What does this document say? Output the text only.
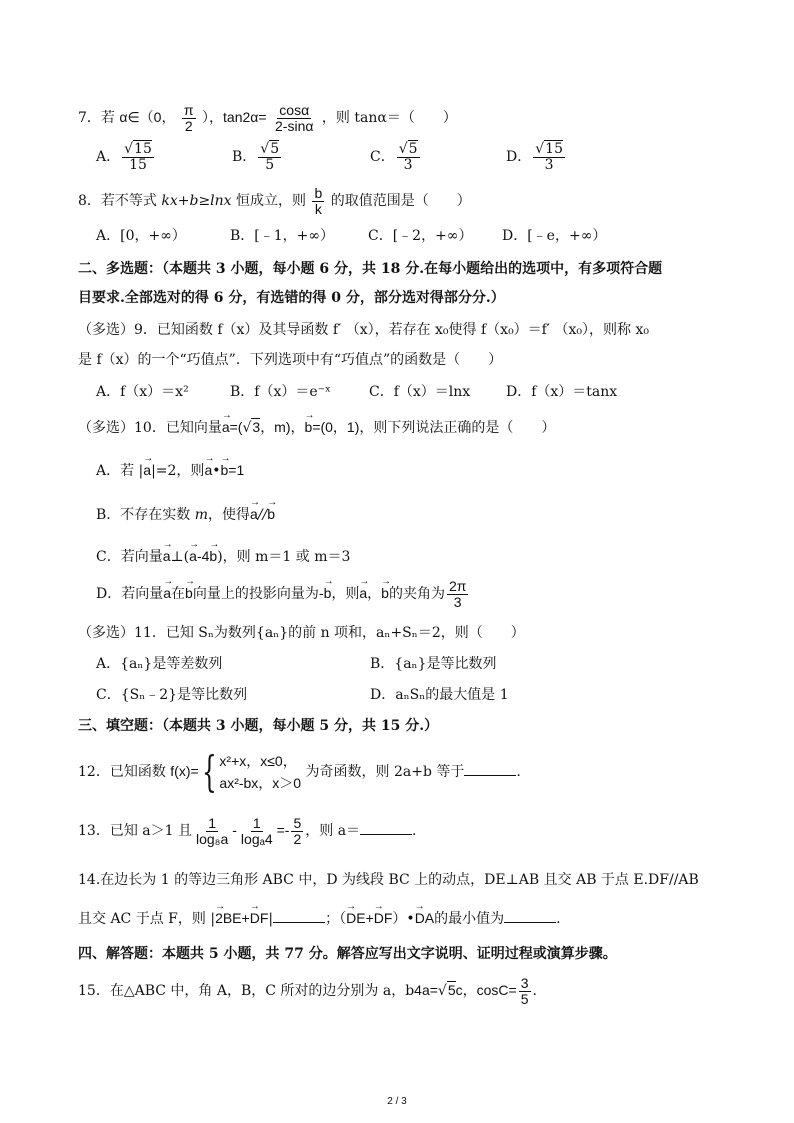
7．若 α∈（0， $\frac{\pi}{2}$ ），$\tan 2\alpha= \frac{\cos\alpha}{2-\sin\alpha}$ ，则 tanα＝（　　）
A． $\frac{√15}{15}$	B． $\frac{√5}{5}$	C． $\frac{√5}{3}$	D． $\frac{√15}{3}$
8．若不等式 kx+b≥lnx 恒成立，则 $\frac{b}{k}$ 的取值范围是（　　）
A．[0，+∞）	B．[﹣1，+∞） C．[﹣2，+∞） D．[﹣e，+∞）
二、多选题：（本题共 3 小题，每小题 6 分，共 18 分.在每小题给出的选项中，有多项符合题
目要求.全部选对的得 6 分，有选错的得 0 分，部分选对得部分分.）
（多选）9．已知函数 f（x）及其导函数 f′ （x），若存在 x₀使得 f（x₀）＝f′ （x₀），则称 x₀
是 f（x）的一个“巧值点”．下列选项中有“巧值点”的函数是（　　）
A．f（x）＝x²	B．f（x）＝e⁻ˣ	C．f（x）＝lnx	D．f（x）＝tanx
（多选）10．已知向量→ a=(√3，m)，→ b=(0，1)，则下列说法正确的是（　　）
A．若 |→ a|=2，则→ a•→ b=1
B．不存在实数 m，使得→ a//→ b
C．若向量→ a⊥(→ a-4→ b)，则 m＝1 或 m＝3
D．若向量→ a在→ b向量上的投影向量为-→ b，则→ a，→ b的夹角为 $\frac{2\pi}{3}$
（多选）11．已知 Sₙ为数列{aₙ}的前 n 项和，aₙ+Sₙ＝2，则（　　）
A．{aₙ}是等差数列	B．{aₙ}是等比数列
C．{Sₙ﹣2}是等比数列	D．aₙSₙ的最大值是 1
三、填空题：（本题共 3 小题，每小题 5 分，共 15 分.）
12．已知函数 f(x)={ x²+x，x≤0，
ax²-bx，x＞0
为奇函数，则 2a+b 等于	.
13．已知 a＞1 且 $\frac{1}{\text{log₈a}} - \frac{1}{\text{logₐ4}} =- \frac{5}{2}$ ，则 a＝	.
14.在边长为 1 的等边三角形 ABC 中，D 为线段 BC 上的动点，DE⊥AB 且交 AB 于点 E.DF//AB
且交 AC 于点 F，则 |→ 2BE+→ DF|	；（→ DE+→ DF）•→ DA的最小值为	.
四、解答题：本题共 5 小题，共 77 分。解答应写出文字说明、证明过程或演算步骤。
15．在△ABC 中，角 A，B，C 所对的边分别为 a，b4a=√5c，$\cos C= \frac{3}{5}$ .
2 / 3
